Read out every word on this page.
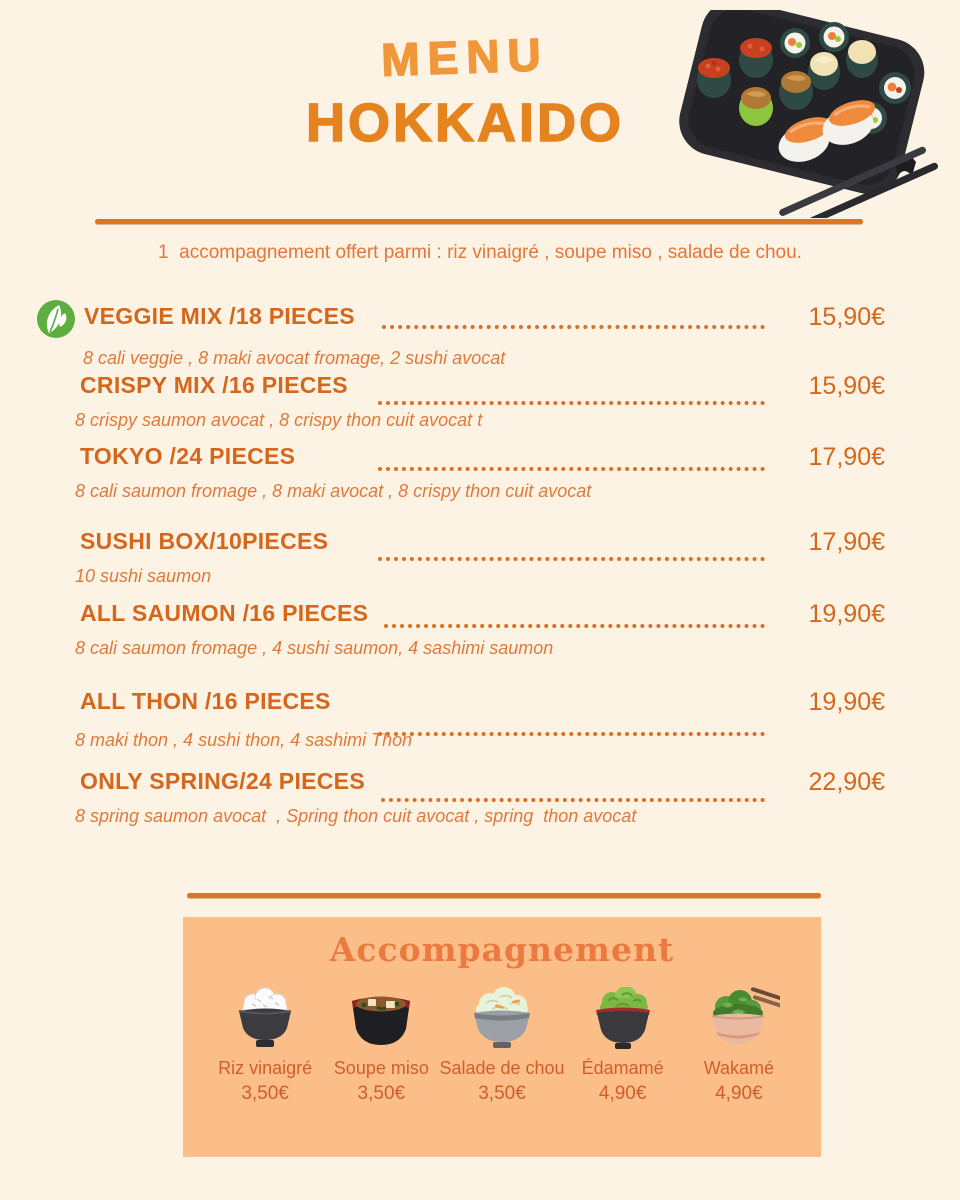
MENU
HOKKAIDO

1  accompagnement offert parmi : riz vinaigré , soupe miso , salade de chou.

VEGGIE MIX /18 PIECES	15,90€
8 cali veggie , 8 maki avocat fromage, 2 sushi avocat
CRISPY MIX /16 PIECES	15,90€
8 crispy saumon avocat , 8 crispy thon cuit avocat t
TOKYO /24 PIECES	17,90€
8 cali saumon fromage , 8 maki avocat , 8 crispy thon cuit avocat
SUSHI BOX/10PIECES	17,90€
10 sushi saumon
ALL SAUMON /16 PIECES	19,90€
8 cali saumon fromage , 4 sushi saumon, 4 sashimi saumon
ALL THON /16 PIECES	19,90€
8 maki thon , 4 sushi thon, 4 sashimi Thon
ONLY SPRING/24 PIECES	22,90€
8 spring saumon avocat  , Spring thon cuit avocat , spring  thon avocat
Accompagnement
Riz vinaigré
3,50€
Soupe miso
3,50€
Salade de chou
3,50€
Édamamé
4,90€
Wakamé
4,90€
